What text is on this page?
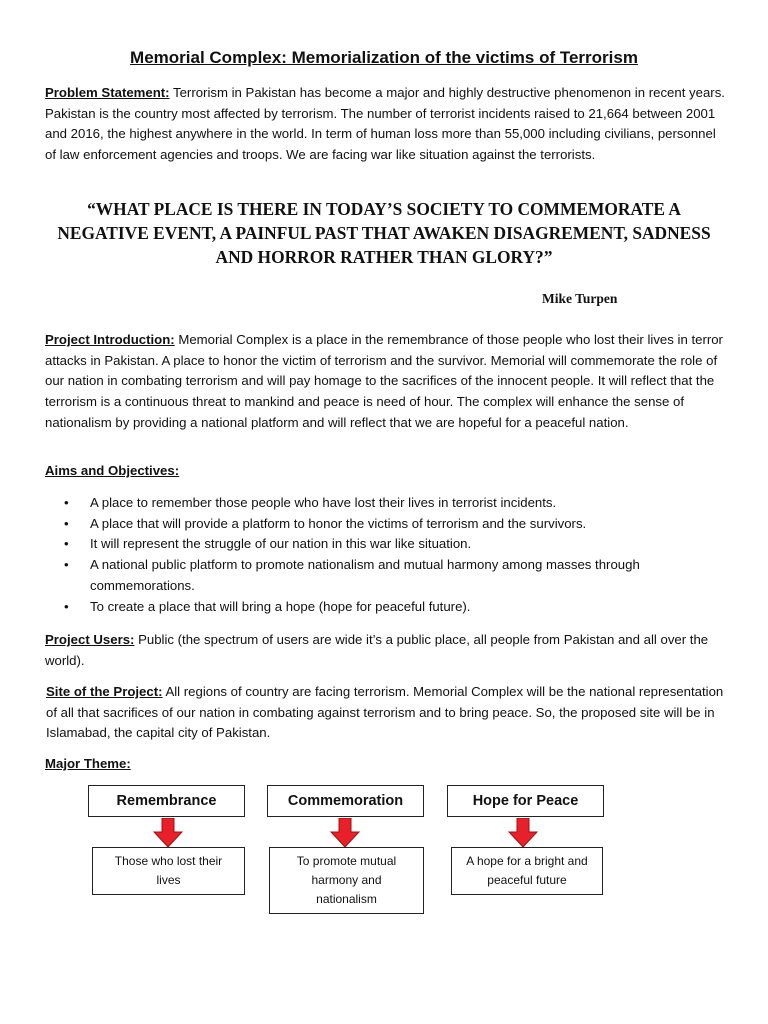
Memorial Complex: Memorialization of the victims of Terrorism

Problem Statement: Terrorism in Pakistan has become a major and highly destructive phenomenon in recent years. Pakistan is the country most affected by terrorism. The number of terrorist incidents raised to 21,664 between 2001 and 2016, the highest anywhere in the world. In term of human loss more than 55,000 including civilians, personnel of law enforcement agencies and troops. We are facing war like situation against the terrorists.

“WHAT PLACE IS THERE IN TODAY’S SOCIETY TO COMMEMORATE A NEGATIVE EVENT, A PAINFUL PAST THAT AWAKEN DISAGREMENT, SADNESS AND HORROR RATHER THAN GLORY?”

Mike Turpen

Project Introduction: Memorial Complex is a place in the remembrance of those people who lost their lives in terror attacks in Pakistan. A place to honor the victim of terrorism and the survivor. Memorial will commemorate the role of our nation in combating terrorism and will pay homage to the sacrifices of the innocent people. It will reflect that the terrorism is a continuous threat to mankind and peace is need of hour. The complex will enhance the sense of nationalism by providing a national platform and will reflect that we are hopeful for a peaceful nation.

Aims and Objectives:
• A place to remember those people who have lost their lives in terrorist incidents.
• A place that will provide a platform to honor the victims of terrorism and the survivors.
• It will represent the struggle of our nation in this war like situation.
• A national public platform to promote nationalism and mutual harmony among masses through commemorations.
• To create a place that will bring a hope (hope for peaceful future).

Project Users: Public (the spectrum of users are wide it’s a public place, all people from Pakistan and all over the world).

Site of the Project: All regions of country are facing terrorism. Memorial Complex will be the national representation of all that sacrifices of our nation in combating against terrorism and to bring peace. So, the proposed site will be in Islamabad, the capital city of Pakistan.

Major Theme:
Remembrance	Commemoration	Hope for Peace
Those who lost their lives
To promote mutual harmony and nationalism
A hope for a bright and peaceful future
